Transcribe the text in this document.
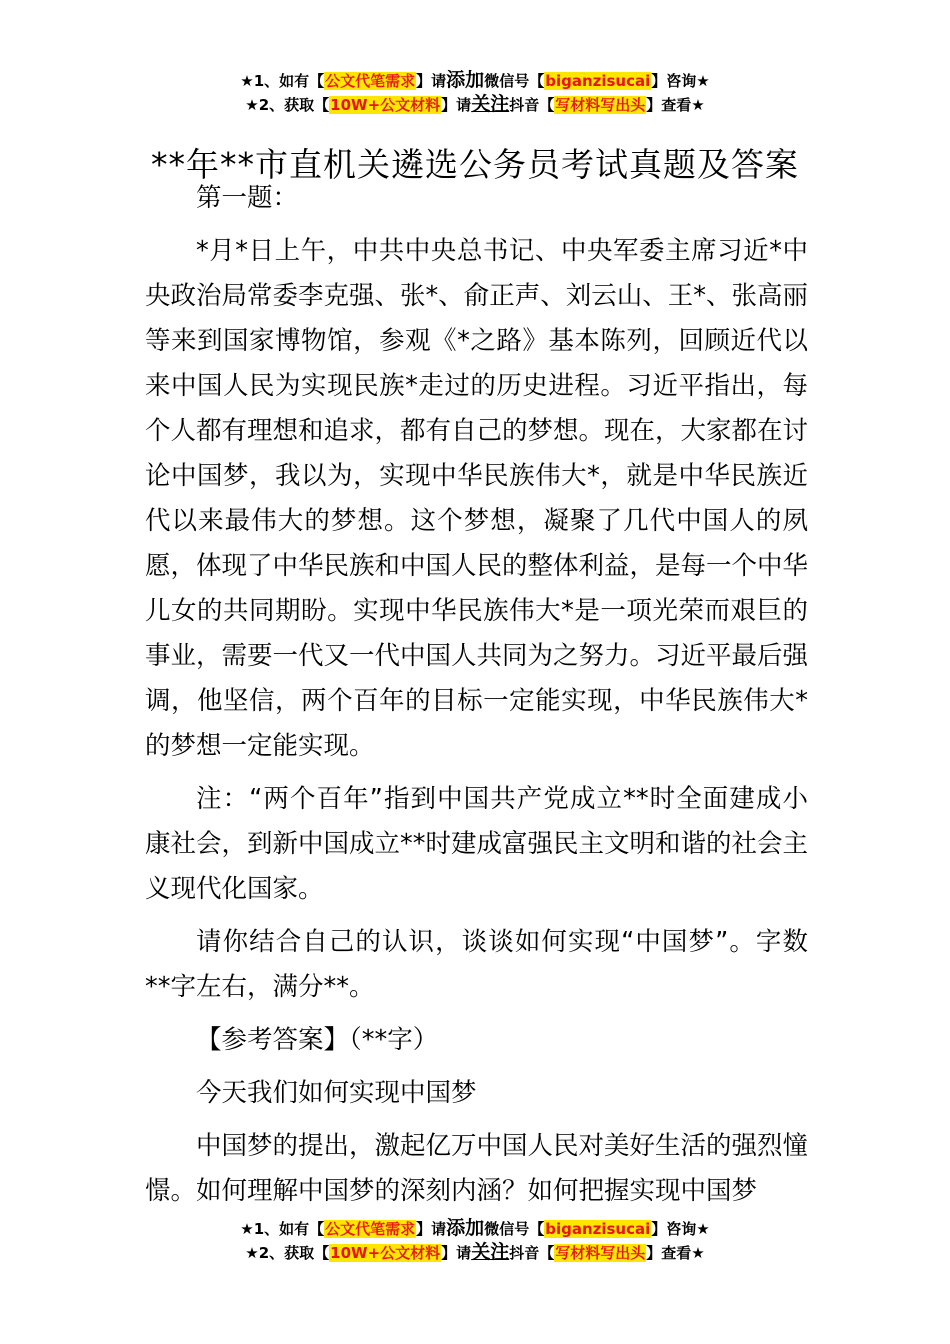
★1、如有【公文代笔需求】请添加微信号【biganzisucai】咨询★
★2、获取【10W+公文材料】请关注抖音【写材料写出头】查看★
**年**市直机关遴选公务员考试真题及答案

第一题：

*月*日上午，中共中央总书记、中央军委主席习近*中央政治局常委李克强、张*、俞正声、刘云山、王*、张高丽等来到国家博物馆，参观《*之路》基本陈列，回顾近代以来中国人民为实现民族*走过的历史进程。习近平指出，每个人都有理想和追求，都有自己的梦想。现在，大家都在讨论中国梦，我以为，实现中华民族伟大*，就是中华民族近代以来最伟大的梦想。这个梦想，凝聚了几代中国人的夙愿，体现了中华民族和中国人民的整体利益，是每一个中华儿女的共同期盼。实现中华民族伟大*是一项光荣而艰巨的事业，需要一代又一代中国人共同为之努力。习近平最后强调，他坚信，两个百年的目标一定能实现，中华民族伟大*的梦想一定能实现。

注：“两个百年”指到中国共产党成立**时全面建成小康社会，到新中国成立**时建成富强民主文明和谐的社会主义现代化国家。

请你结合自己的认识，谈谈如何实现“中国梦”。字数**字左右，满分**。

【参考答案】（**字）

今天我们如何实现中国梦

中国梦的提出，激起亿万中国人民对美好生活的强烈憧憬。如何理解中国梦的深刻内涵？如何把握实现中国梦

★1、如有【公文代笔需求】请添加微信号【biganzisucai】咨询★
★2、获取【10W+公文材料】请关注抖音【写材料写出头】查看★
